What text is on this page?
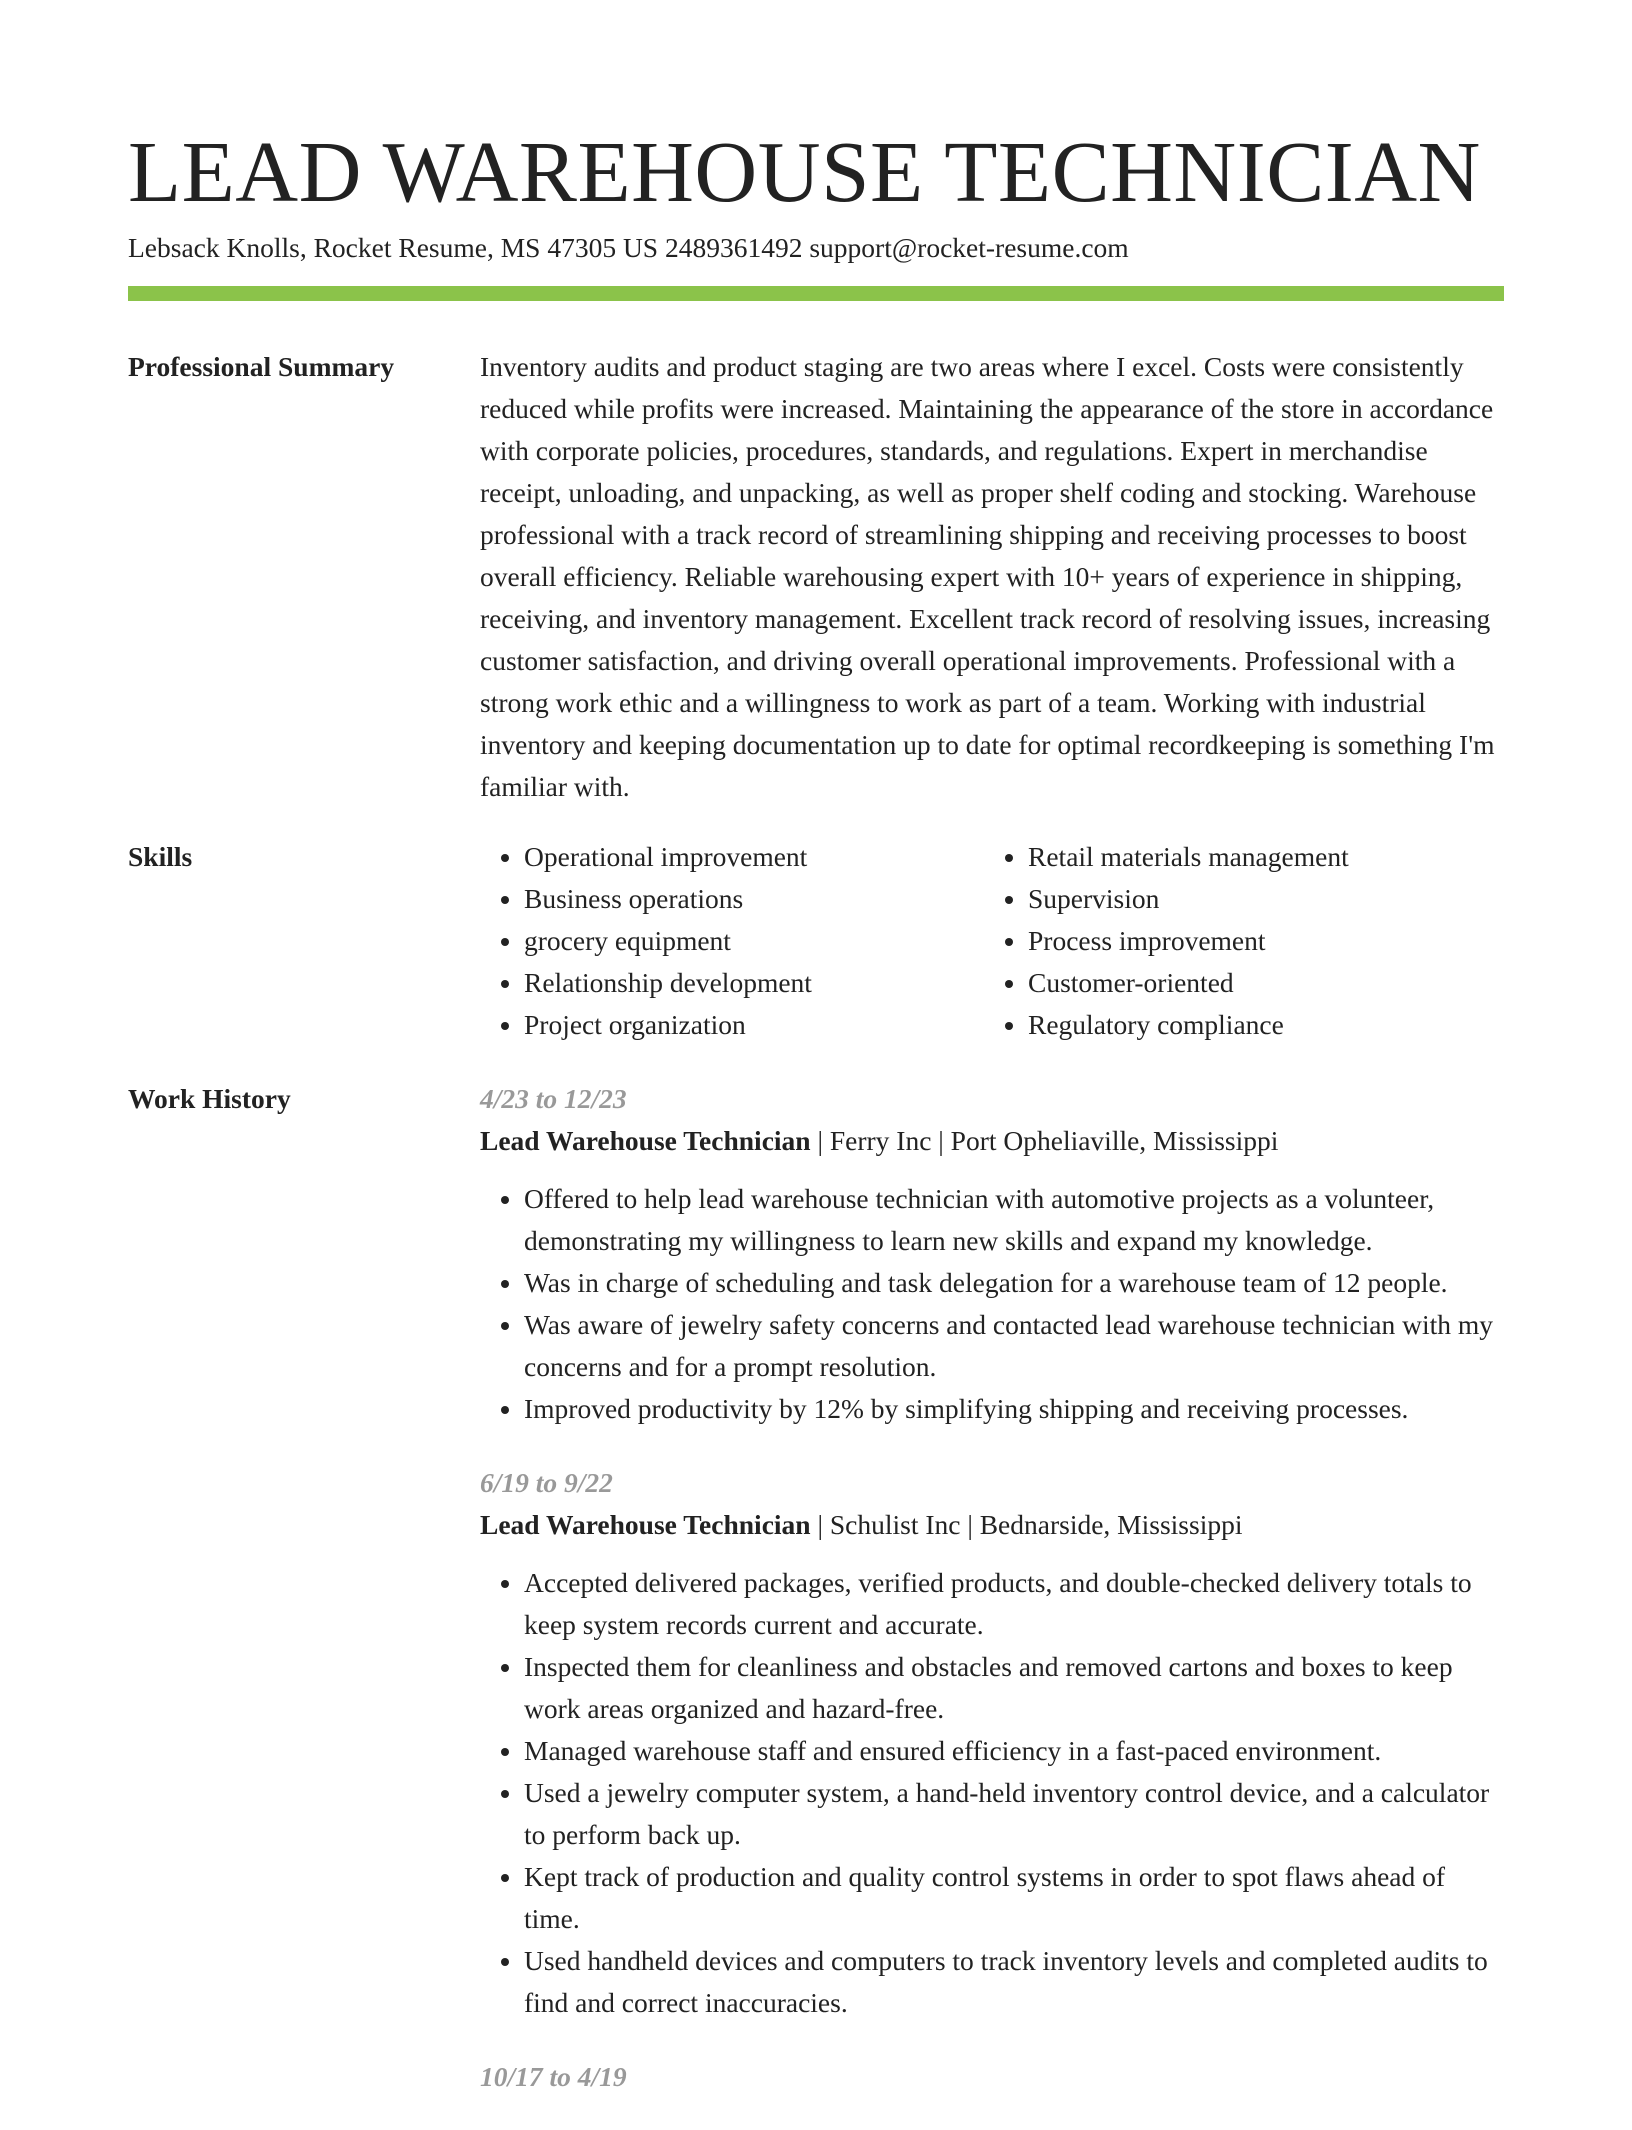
LEAD WAREHOUSE TECHNICIAN
Lebsack Knolls, Rocket Resume, MS 47305 US 2489361492 support@rocket-resume.com
Professional Summary	Inventory audits and product staging are two areas where I excel. Costs were consistently reduced while profits were increased. Maintaining the appearance of the store in accordance with corporate policies, procedures, standards, and regulations. Expert in merchandise receipt, unloading, and unpacking, as well as proper shelf coding and stocking. Warehouse professional with a track record of streamlining shipping and receiving processes to boost overall efficiency. Reliable warehousing expert with 10+ years of experience in shipping, receiving, and inventory management. Excellent track record of resolving issues, increasing customer satisfaction, and driving overall operational improvements. Professional with a strong work ethic and a willingness to work as part of a team. Working with industrial inventory and keeping documentation up to date for optimal recordkeeping is something I'm familiar with.

Skills
•	Operational improvement
• Business operations
• grocery equipment
• Relationship development
• Project organization
• Retail materials management
• Supervision
• Process improvement
• Customer-oriented
• Regulatory compliance
Work History	4/23 to 12/23
Lead Warehouse Technician | Ferry Inc | Port Opheliaville, Mississippi
• Offered to help lead warehouse technician with automotive projects as a volunteer, demonstrating my willingness to learn new skills and expand my knowledge.
• Was in charge of scheduling and task delegation for a warehouse team of 12 people.
• Was aware of jewelry safety concerns and contacted lead warehouse technician with my concerns and for a prompt resolution.
• Improved productivity by 12% by simplifying shipping and receiving processes.
6/19 to 9/22
Lead Warehouse Technician | Schulist Inc | Bednarside, Mississippi
• Accepted delivered packages, verified products, and double-checked delivery totals to keep system records current and accurate.
• Inspected them for cleanliness and obstacles and removed cartons and boxes to keep work areas organized and hazard-free.
• Managed warehouse staff and ensured efficiency in a fast-paced environment.
• Used a jewelry computer system, a hand-held inventory control device, and a calculator to perform back up.
• Kept track of production and quality control systems in order to spot flaws ahead of time.
• Used handheld devices and computers to track inventory levels and completed audits to find and correct inaccuracies.
10/17 to 4/19
